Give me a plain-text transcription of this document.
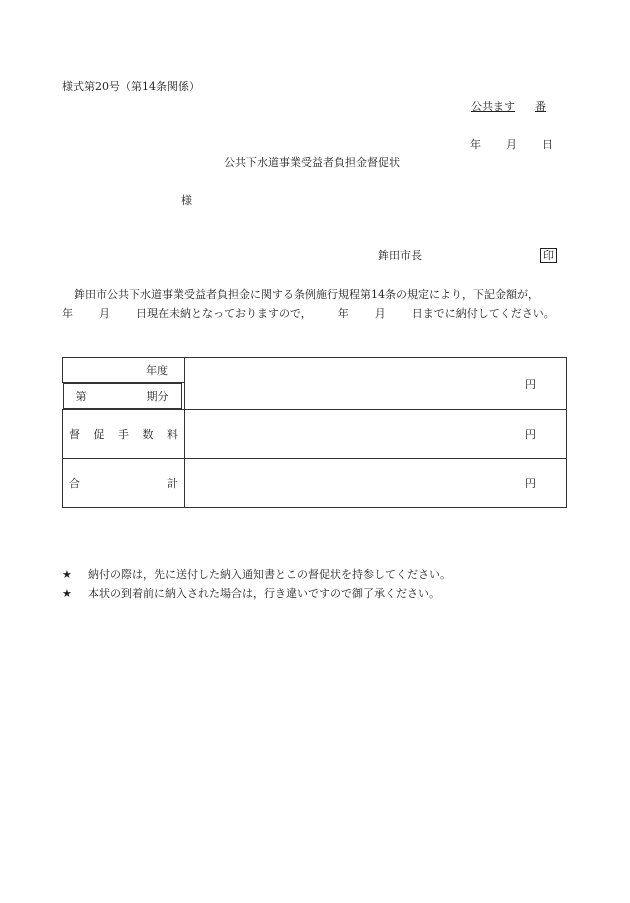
様式第20号（第14条関係）
公共ます 番
年 月 日
公共下水道事業受益者負担金督促状
様
鉾田市長	印
鉾田市公共下水道事業受益者負担金に関する条例施行規程第14条の規定により，下記金額が，年 月 日現在未納となっておりますので， 年 月 日までに納付してください。
年度	円

第	期分

督 促 手 数 料	円

合 計	円
★ 納付の際は，先に送付した納入通知書とこの督促状を持参してください。
★ 本状の到着前に納入された場合は，行き違いですので御了承ください。
